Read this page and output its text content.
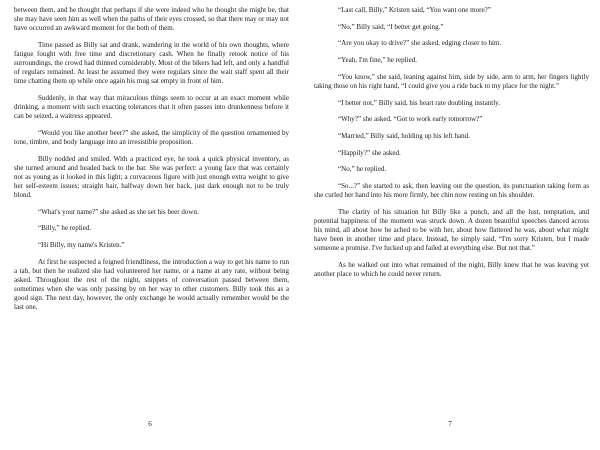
between them, and he thought that perhaps if she were indeed who he thought she might be, that she may have seen him as well when the paths of their eyes crossed, so that there may or may not have occurred an awkward moment for the both of them.

Time passed as Billy sat and drank, wandering in the world of his own thoughts, where fatigue fought with free time and discretionary cash. When he finally retook notice of his surroundings, the crowd had thinned considerably. Most of the bikers had left, and only a handful of regulars remained. At least he assumed they were regulars since the wait staff spent all their time chatting them up while once again his mug sat empty in front of him.

Suddenly, in that way that miraculous things seem to occur at an exact moment while drinking, a moment with such exacting tolerances that it often passes into drunkenness before it can be seized, a waitress appeared.

“Would you like another beer?” she asked, the simplicity of the question ornamented by tone, timbre, and body language into an irresistible proposition.

Billy nodded and smiled. With a practiced eye, he took a quick physical inventory, as she turned around and headed back to the bar. She was perfect: a young face that was certainly not as young as it looked in this light; a curvaceous figure with just enough extra weight to give her self-esteem issues; straight hair, halfway down her back, just dark enough not to be truly blond.

“What's your name?” she asked as she set his beer down.

“Billy,” he replied.

“Hi Billy, my name's Kristen.”

At first he suspected a feigned friendliness, the introduction a way to get his name to run a tab, but then he realized she had volunteered her name, or a name at any rate, without being asked. Throughout the rest of the night, snippets of conversation passed between them, sometimes when she was only passing by on her way to other customers. Billy took this as a good sign. The next day, however, the only exchange he would actually remember would be the last one.

6

“Last call, Billy,” Kristen said, “You want one more?”

“No,” Billy said, “I better get going.”

“Are you okay to drive?” she asked, edging closer to him.

“Yeah, I'm fine,” he replied.

“You know,” she said, leaning against him, side by side, arm to arm, her fingers lightly taking those on his right hand, “I could give you a ride back to my place for the night.”

“I better not,” Billy said, his heart rate doubling instantly.

“Why?” she asked, “Got to work early tomorrow?”

“Married,” Billy said, holding up his left hand.

“Happily?” she asked.

“No,” he replied.

“So...?” she started to ask, then leaving out the question, its punctuation taking form as she curled her hand into his more firmly, her chin now resting on his shoulder.

The clarity of his situation hit Billy like a punch, and all the lust, temptation, and potential happiness of the moment was struck down. A dozen beautiful speeches danced across his mind, all about how he ached to be with her, about how flattered he was, about what might have been in another time and place. Instead, he simply said, “I'm sorry Kristen, but I made someone a promise. I've fucked up and failed at everything else. But not that.”

As he walked out into what remained of the night, Billy knew that he was leaving yet another place to which he could never return.

7
